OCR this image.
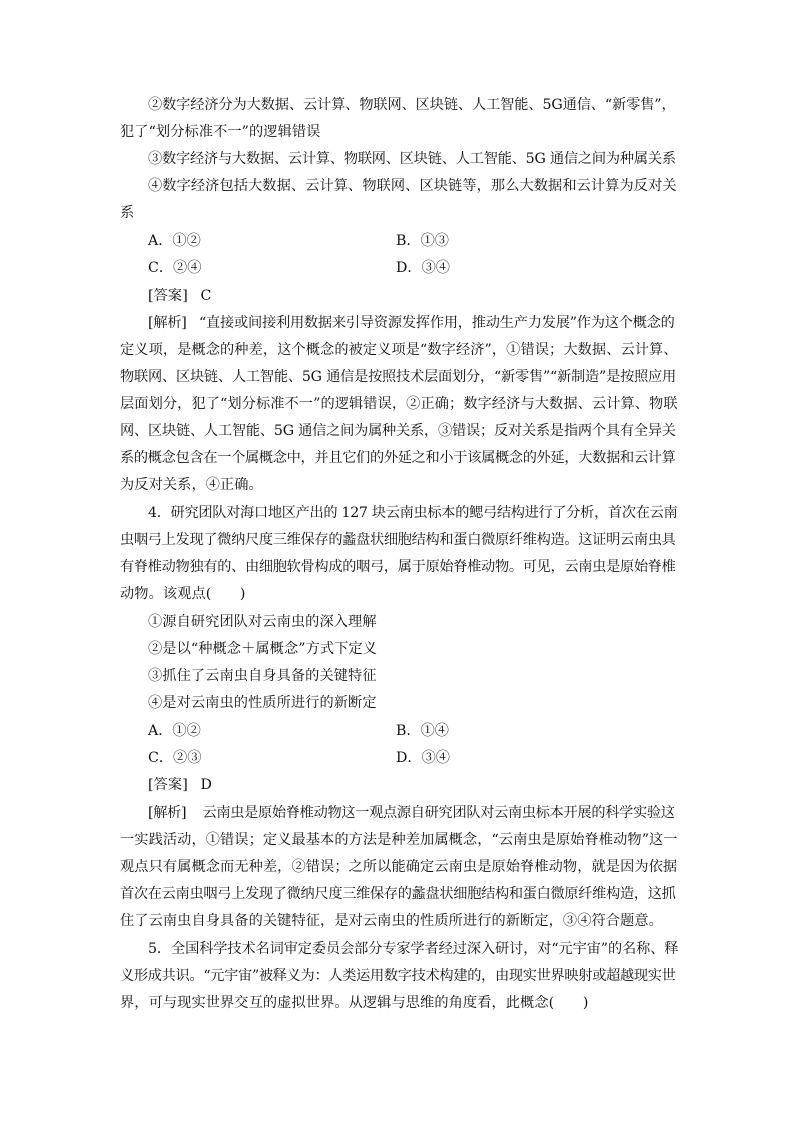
②数字经济分为大数据、云计算、物联网、区块链、人工智能、5G通信、“新零售”，
犯了“划分标准不一”的逻辑错误
③数字经济与大数据、云计算、物联网、区块链、人工智能、5G 通信之间为种属关系
④数字经济包括大数据、云计算、物联网、区块链等，那么大数据和云计算为反对关
系
A．①②	B．①③
C．②④	D．③④
[答案] C
[解析] “直接或间接利用数据来引导资源发挥作用，推动生产力发展”作为这个概念的
定义项，是概念的种差，这个概念的被定义项是“数字经济”，①错误；大数据、云计算、
物联网、区块链、人工智能、5G 通信是按照技术层面划分，“新零售”“新制造”是按照应用
层面划分，犯了“划分标准不一”的逻辑错误，②正确；数字经济与大数据、云计算、物联
网、区块链、人工智能、5G 通信之间为属种关系，③错误；反对关系是指两个具有全异关
系的概念包含在一个属概念中，并且它们的外延之和小于该属概念的外延，大数据和云计算
为反对关系，④正确。
4．研究团队对海口地区产出的 127 块云南虫标本的鳃弓结构进行了分析，首次在云南
虫咽弓上发现了微纳尺度三维保存的蠡盘状细胞结构和蛋白微原纤维构造。这证明云南虫具
有脊椎动物独有的、由细胞软骨构成的咽弓，属于原始脊椎动物。可见，云南虫是原始脊椎
动物。该观点(　　)
①源自研究团队对云南虫的深入理解
②是以“种概念＋属概念”方式下定义
③抓住了云南虫自身具备的关键特征
④是对云南虫的性质所进行的新断定
A．①②	B．①④
C．②③	D．③④
[答案] D
[解析] 云南虫是原始脊椎动物这一观点源自研究团队对云南虫标本开展的科学实验这
一实践活动，①错误；定义最基本的方法是种差加属概念，“云南虫是原始脊椎动物”这一
观点只有属概念而无种差，②错误；之所以能确定云南虫是原始脊椎动物，就是因为依据
首次在云南虫咽弓上发现了微纳尺度三维保存的蠡盘状细胞结构和蛋白微原纤维构造，这抓
住了云南虫自身具备的关键特征，是对云南虫的性质所进行的新断定，③④符合题意。
5．全国科学技术名词审定委员会部分专家学者经过深入研讨，对“元宇宙”的名称、释
义形成共识。“元宇宙”被释义为：人类运用数字技术构建的，由现实世界映射或超越现实世
界，可与现实世界交互的虚拟世界。从逻辑与思维的角度看，此概念(　　)
